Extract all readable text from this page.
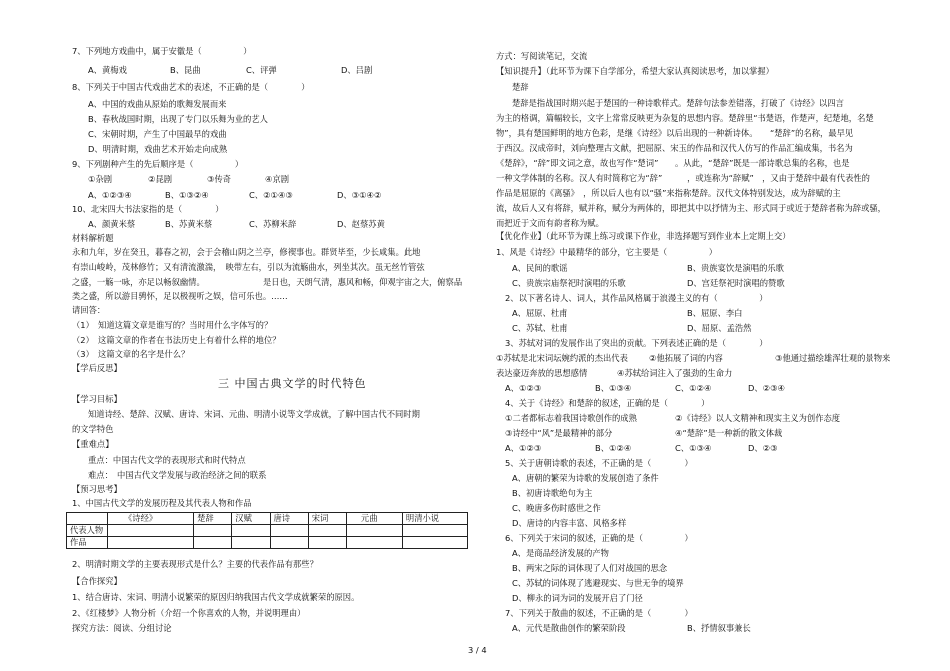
7、下列地方戏曲中，属于安徽是（　　　　　）
A、黄梅戏	B、昆曲	C、评弹	D、吕剧
8、下列关于中国古代戏曲艺术的表述，不正确的是（　　　　）
A、中国的戏曲从原始的歌舞发展而来
B、春秋战国时期，出现了专门以乐舞为业的艺人
C、宋朝时期，产生了中国最早的戏曲
D、明清时期，戏曲艺术开始走向成熟
9、下列剧种产生的先后顺序是（　　　　　）
①杂剧	②昆剧	③传奇	④京剧
A、①②③④	B、①③②④	C、②①④③	D、③①④②
10、北宋四大书法家指的是（　　　　）
A、颜黄米蔡	B、苏黄米蔡	C、苏柳米辞	D、赵蔡苏黄
材料解析题
永和九年，岁在癸丑，暮春之初，会于会稽山阴之兰亭，修禊事也。群贤毕至，少长咸集。此地
有崇山峻岭，茂林修竹；又有清流激湍，　映带左右，引以为流觞曲水，列坐其次。虽无丝竹管弦
之盛，一觞一咏，亦足以畅叙幽情。	是日也，天朗气清，惠风和畅，仰观宇宙之大，俯察品
类之盛，所以游目骋怀，足以极视听之娱，信可乐也。……
请回答：
（1）　知道这篇文章是谁写的？当时用什么字体写的？
（2）　这篇文章的作者在书法历史上有着什么样的地位？
（3）　这篇文章的名字是什么？
【学后反思】
三 中国古典文学的时代特色
【学习目标】
知道诗经、楚辞、汉赋、唐诗、宋词、元曲、明清小说等文学成就，了解中国古代不同时期
的文学特色
【重难点】
重点：中国古代文学的表现形式和时代特点
难点：　中国古代文学发展与政治经济之间的联系
【预习思考】
1、中国古代文学的发展历程及其代表人物和作品
	《诗经》	楚辞	汉赋	唐诗	宋词	元曲	明清小说
代表人物							
作品							
2、明清时期文学的主要表现形式是什么？主要的代表作品有那些？
【合作探究】
1、结合唐诗、宋词、明清小说繁荣的原因归纳我国古代文学成就繁荣的原因。
2、《红楼梦》人物分析（介绍一个你喜欢的人物，并说明理由）
探究方法：阅读、分组讨论
方式：写阅读笔记，交流
【知识提升】（此环节为课下自学部分，希望大家认真阅读思考，加以掌握）
楚辞
楚辞是指战国时期兴起于楚国的一种诗歌样式。楚辞句法参差错落，打破了《诗经》以四言
为主的格调，篇幅较长，文字上常常反映更为杂复的思想内容。楚辞里“书楚语，作楚声，纪楚地，名楚
物”，具有楚国鲜明的地方色彩，是继《诗经》以后出现的一种新诗体。　　“楚辞”的名称，最早见
于西汉。汉成帝时，刘向整理古文献，把屈原、宋玉的作品和汉代人仿写的作品汇编成集，书名为
《楚辞》，“辞”即文词之意，故也写作“楚词”　　。从此，“楚辞”既是一部诗歌总集的名称，也是
一种文学体制的名称。汉人有时简称它为“辞”　　　，或连称为“辞赋”　，又由于楚辞中最有代表性的
作品是屈原的《离骚》　，所以后人也有以“骚”来指称楚辞。汉代文体特别发达，成为辞赋的主
流，故后人又有将辞，赋并称，赋分为两体的，即把其中以抒情为主、形式同于或近于楚辞者称为辞或骚，
而把近于文而有韵者称为赋。
【优化作业】（此环节为课上练习或课下作业，非选择题写到作业本上定期上交）
1、风是《诗经》中最精华的部分，它主要是（　　　　　）
A、民间的歌谣	B、贵族宴饮是演唱的乐歌
C、贵族宗庙祭祀时演唱的乐歌	D、宫廷祭祀时演唱的赞歌
2、以下著名诗人、词人，其作品风格属于浪漫主义的有（　　　　　）
A、屈原、杜甫	B、屈原、李白
C、苏轼、杜甫	D、屈原、孟浩然
3、苏轼对词的发展作出了突出的贡献。下列表述正确的是（　　　　）
①苏轼是北宋词坛婉约派的杰出代表	②他拓展了词的内容	③他通过描绘雄浑壮观的景物来
表达豪迈奔放的思想感情	④苏轼给词注入了强劲的生命力
A、①②③	B、①③④	C、①②④	D、②③④
4、关于《诗经》和楚辞的叙述，正确的是（　　　　）
①二者都标志着我国诗歌创作的成熟	②《诗经》以人文精神和现实主义为创作态度
③诗经中“风”是最精神的部分	④“楚辞”是一种新的散文体裁
A、①②③	B、①②④	C、①③④	D、②③
5、关于唐朝诗歌的表述，不正确的是（　　　　）
A、唐朝的繁荣为诗歌的发展创造了条件
B、初唐诗歌绝句为主
C、晚唐多伤时感世之作
D、唐诗的内容丰富、风格多样
6、下列关于宋词的叙述，正确的是（　　　　　）
A、是商品经济发展的产物
B、两宋之际的词体现了人们对战国的思念
C、苏轼的词体现了逃避现实、与世无争的境界
D、柳永的词为词的发展开启了门径
7、下列关于散曲的叙述，不正确的是（　　　　）
A、元代是散曲创作的繁荣阶段	B、抒情叙事兼长
3 / 4
